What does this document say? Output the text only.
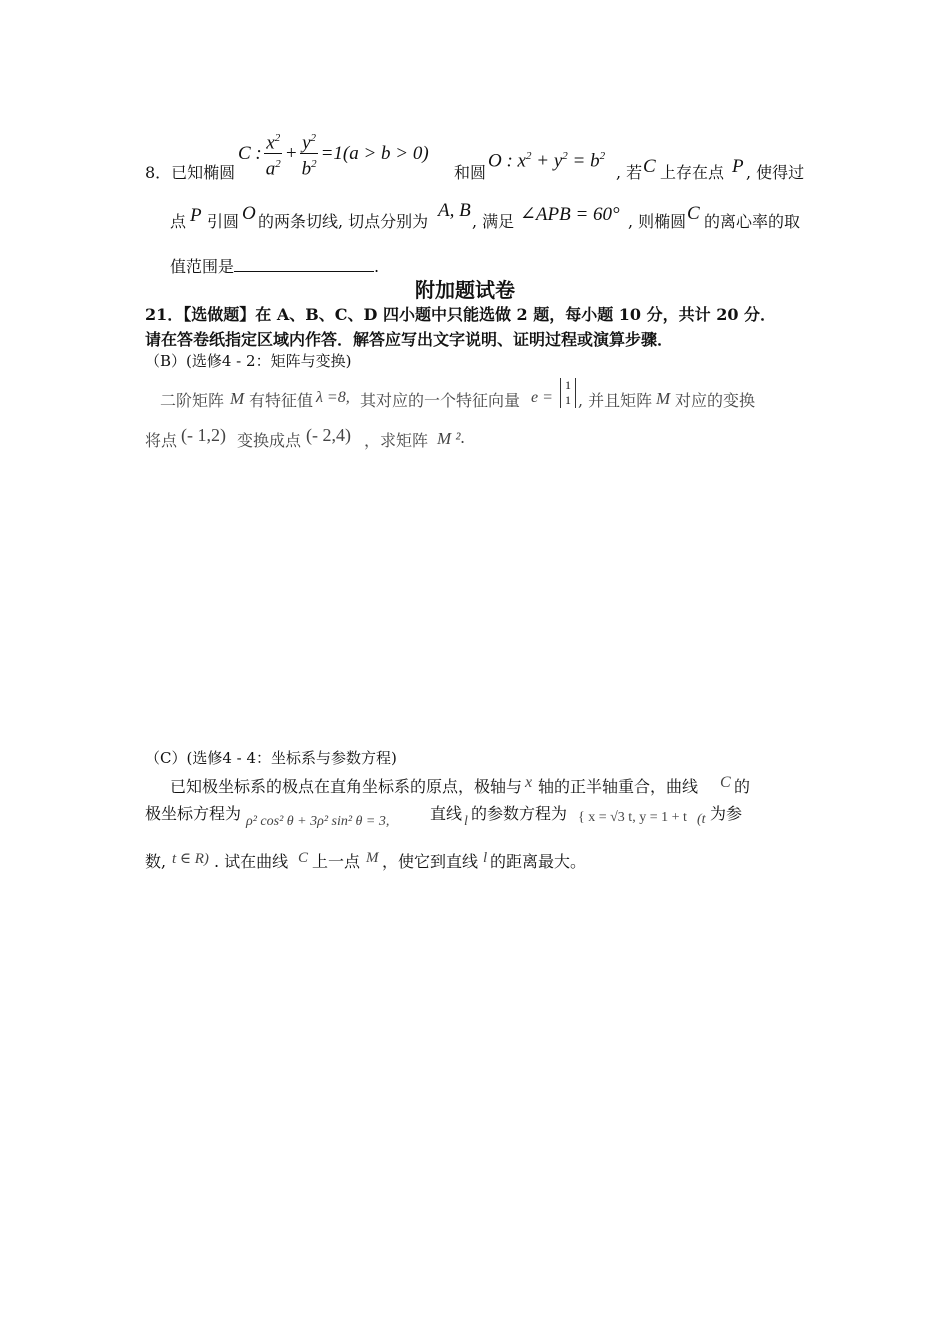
8．已知椭圆
C : $\frac{x^2}{a^2} + \frac{y^2}{b^2} =1(a > b > 0)$
和圆
O : $x^2 + y^2 = b^2$
, 若 C 上存在点 P , 使得过
点 P 引圆 O 的两条切线, 切点分别为
A, B
, 满足 ∠APB = 60° , 则椭圆 C 的离心率的取
值范围是	.
附加题试卷
21．【选做题】在 A、B、C、D 四小题中只能选做 2 题，每小题 10 分，共计 20 分．
请在答卷纸指定区域内作答．解答应写出文字说明、证明过程或演算步骤．
（B）(选修4 - 2：矩阵与变换)
二阶矩阵 M 有特征值 λ =8, 其对应的一个特征向量 e =
1
1 , 并且矩阵 M 对应的变换
将点 (- 1,2) 变换成点 (- 2,4) ，求矩阵 M ² .
（C）(选修4 - 4：坐标系与参数方程)
已知极坐标系的极点在直角坐标系的原点，极轴与 x 轴的正半轴重合，曲线 C 的
极坐标方程为 ρ² cos² θ + 3ρ² sin² θ = 3,	直线 l 的参数方程为 { x = √3 t, y = 1 + t (t 为参
数, t ∈ R) . 试在曲线 C 上一点 M ，使它到直线 l 的距离最大。
